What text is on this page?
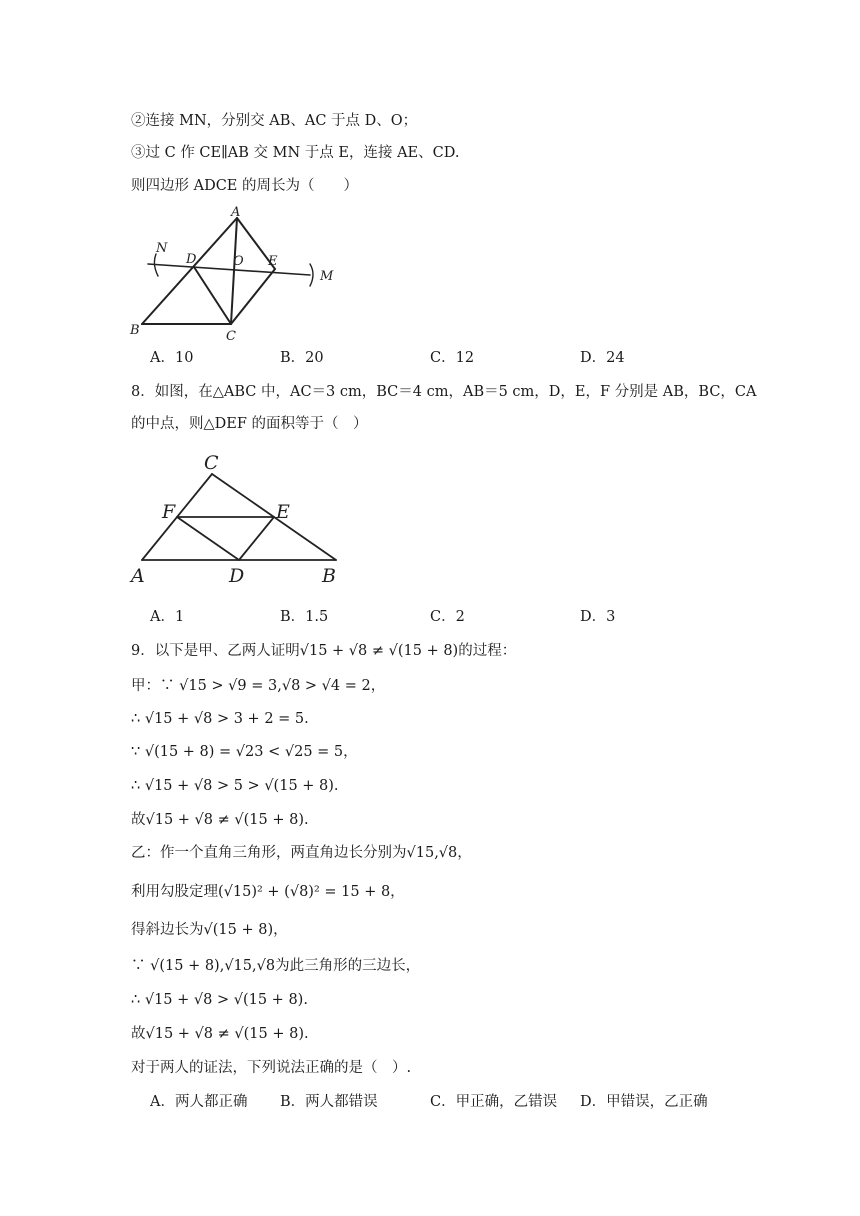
②连接 MN，分别交 AB、AC 于点 D、O；
③过 C 作 CE∥AB 交 MN 于点 E，连接 AE、CD.
则四边形 ADCE 的周长为（　　）
A
B	C
D	E
O
N
M
A．10	B．20	C．12	D．24
8．如图，在△ABC 中，AC＝3 cm，BC＝4 cm，AB＝5 cm，D，E，F 分别是 AB，BC，CA
的中点，则△DEF 的面积等于（　）
C
F	E
A	D	B
A．1	B．1.5	C．2	D．3
9．以下是甲、乙两人证明√15 + √8 ≠ √(15 + 8)的过程：
甲：∵ √15 > √9 = 3,√8 > √4 = 2，
∴ √15 + √8 > 3 + 2 = 5.
∵ √(15 + 8) = √23 < √25 = 5，
∴ √15 + √8 > 5 > √(15 + 8).
故√15 + √8 ≠ √(15 + 8).
乙：作一个直角三角形，两直角边长分别为√15,√8，
利用勾股定理(√15)² + (√8)² = 15 + 8，
得斜边长为√(15 + 8)，
∵ √(15 + 8),√15,√8为此三角形的三边长，
∴ √15 + √8 > √(15 + 8).
故√15 + √8 ≠ √(15 + 8).
对于两人的证法，下列说法正确的是（　）.
A．两人都正确 B．两人都错误	C．甲正确，乙错误 D．甲错误，乙正确
